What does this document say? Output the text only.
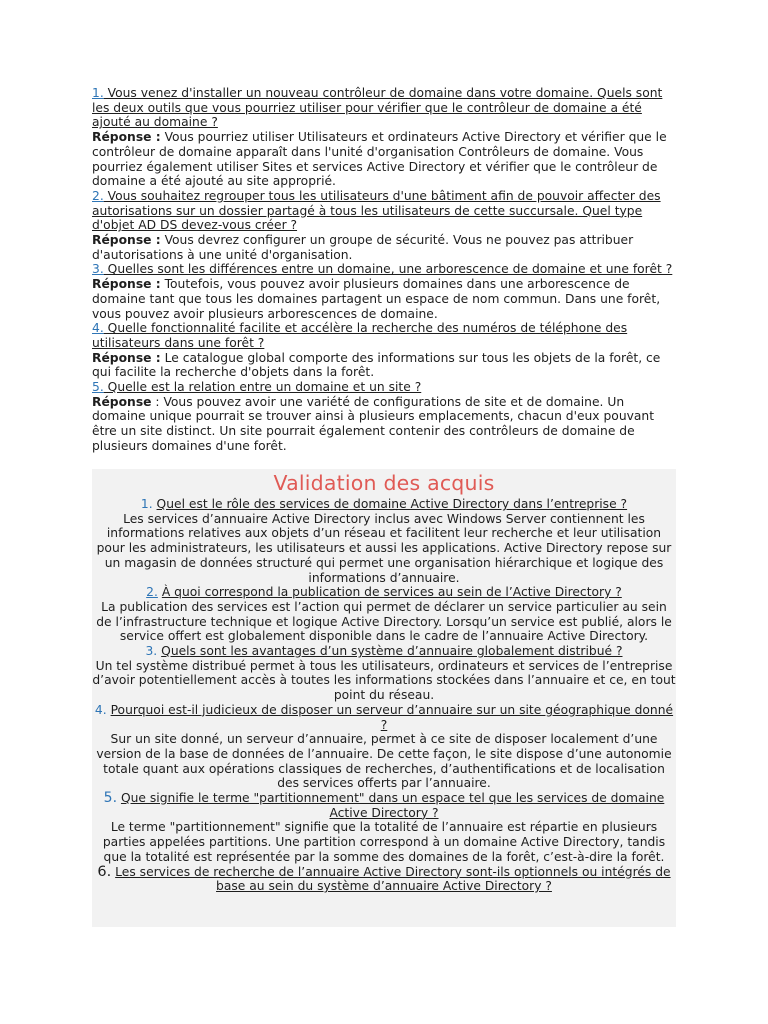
1. Vous venez d'installer un nouveau contrôleur de domaine dans votre domaine. Quels sont les deux outils que vous pourriez utiliser pour vérifier que le contrôleur de domaine a été ajouté au domaine ?
Réponse : Vous pourriez utiliser Utilisateurs et ordinateurs Active Directory et vérifier que le contrôleur de domaine apparaît dans l'unité d'organisation Contrôleurs de domaine. Vous pourriez également utiliser Sites et services Active Directory et vérifier que le contrôleur de domaine a été ajouté au site approprié.
2. Vous souhaitez regrouper tous les utilisateurs d'une bâtiment afin de pouvoir affecter des autorisations sur un dossier partagé à tous les utilisateurs de cette succursale. Quel type d'objet AD DS devez-vous créer ?
Réponse : Vous devrez configurer un groupe de sécurité. Vous ne pouvez pas attribuer d'autorisations à une unité d'organisation.
3. Quelles sont les différences entre un domaine, une arborescence de domaine et une forêt ?
Réponse : Toutefois, vous pouvez avoir plusieurs domaines dans une arborescence de domaine tant que tous les domaines partagent un espace de nom commun. Dans une forêt, vous pouvez avoir plusieurs arborescences de domaine.
4. Quelle fonctionnalité facilite et accélère la recherche des numéros de téléphone des utilisateurs dans une forêt ?
Réponse : Le catalogue global comporte des informations sur tous les objets de la forêt, ce qui facilite la recherche d'objets dans la forêt.
5. Quelle est la relation entre un domaine et un site ?
Réponse : Vous pouvez avoir une variété de configurations de site et de domaine. Un domaine unique pourrait se trouver ainsi à plusieurs emplacements, chacun d'eux pouvant être un site distinct. Un site pourrait également contenir des contrôleurs de domaine de plusieurs domaines d'une forêt.
Validation des acquis
1. Quel est le rôle des services de domaine Active Directory dans l’entreprise ?
Les services d’annuaire Active Directory inclus avec Windows Server contiennent les informations relatives aux objets d’un réseau et facilitent leur recherche et leur utilisation pour les administrateurs, les utilisateurs et aussi les applications. Active Directory repose sur un magasin de données structuré qui permet une organisation hiérarchique et logique des informations d’annuaire.
2. À quoi correspond la publication de services au sein de l’Active Directory ?
La publication des services est l’action qui permet de déclarer un service particulier au sein de l’infrastructure technique et logique Active Directory. Lorsqu’un service est publié, alors le service offert est globalement disponible dans le cadre de l’annuaire Active Directory.
3. Quels sont les avantages d’un système d’annuaire globalement distribué ?
Un tel système distribué permet à tous les utilisateurs, ordinateurs et services de l’entreprise d’avoir potentiellement accès à toutes les informations stockées dans l’annuaire et ce, en tout point du réseau.
4. Pourquoi est-il judicieux de disposer un serveur d’annuaire sur un site géographique donné ?
Sur un site donné, un serveur d’annuaire, permet à ce site de disposer localement d’une version de la base de données de l’annuaire. De cette façon, le site dispose d’une autonomie totale quant aux opérations classiques de recherches, d’authentifications et de localisation des services offerts par l’annuaire.
5. Que signifie le terme "partitionnement" dans un espace tel que les services de domaine Active Directory ?
Le terme "partitionnement" signifie que la totalité de l’annuaire est répartie en plusieurs parties appelées partitions. Une partition correspond à un domaine Active Directory, tandis que la totalité est représentée par la somme des domaines de la forêt, c’est-à-dire la forêt.
6. Les services de recherche de l’annuaire Active Directory sont-ils optionnels ou intégrés de base au sein du système d’annuaire Active Directory ?
